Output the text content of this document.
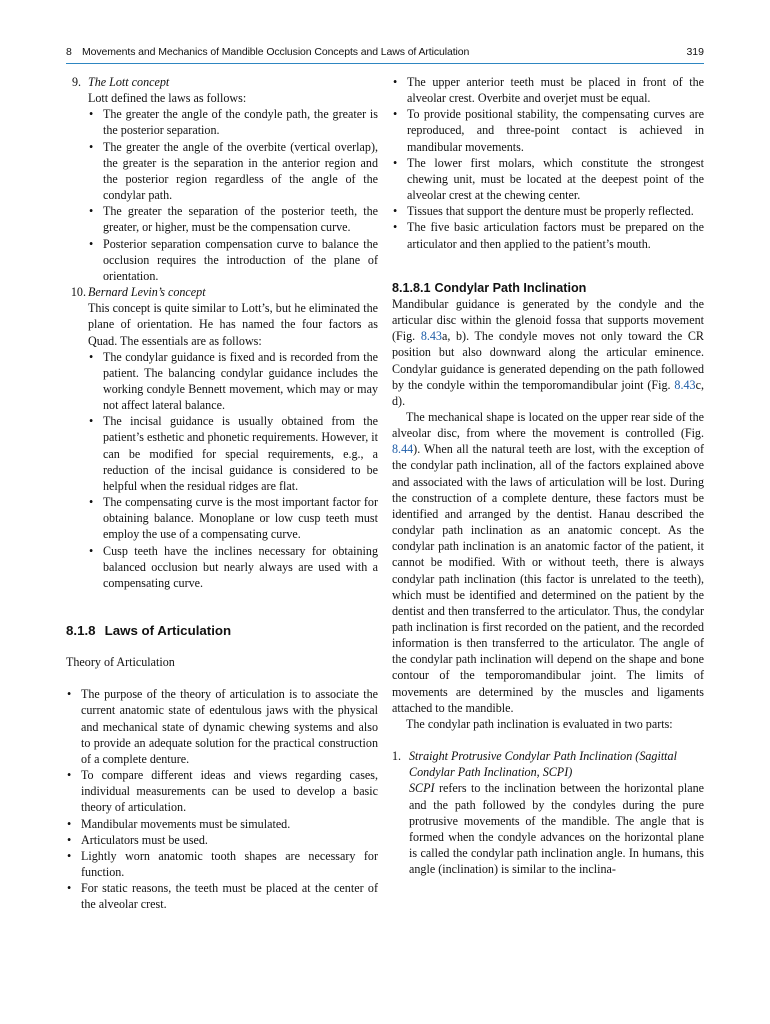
8 Movements and Mechanics of Mandible Occlusion Concepts and Laws of Articulation	319
9. The Lott concept
Lott defined the laws as follows:
• The greater the angle of the condyle path, the greater is the posterior separation.
• The greater the angle of the overbite (vertical overlap), the greater is the separation in the anterior region and the posterior region regardless of the angle of the condylar path.
• The greater the separation of the posterior teeth, the greater, or higher, must be the compensation curve.
• Posterior separation compensation curve to balance the occlusion requires the introduction of the plane of orientation.
10. Bernard Levin’s concept
This concept is quite similar to Lott’s, but he eliminated the plane of orientation. He has named the four factors as Quad. The essentials are as follows:
• The condylar guidance is fixed and is recorded from the patient. The balancing condylar guidance includes the working condyle Bennett movement, which may or may not affect lateral balance.
• The incisal guidance is usually obtained from the patient’s esthetic and phonetic requirements. However, it can be modified for special requirements, e.g., a reduction of the incisal guidance is considered to be helpful when the residual ridges are flat.
• The compensating curve is the most important factor for obtaining balance. Monoplane or low cusp teeth must employ the use of a compensating curve.
• Cusp teeth have the inclines necessary for obtaining balanced occlusion but nearly always are used with a compensating curve.
8.1.8 Laws of Articulation
Theory of Articulation
• The purpose of the theory of articulation is to associate the current anatomic state of edentulous jaws with the physical and mechanical state of dynamic chewing systems and also to provide an adequate solution for the practical construction of a complete denture.
• To compare different ideas and views regarding cases, individual measurements can be used to develop a basic theory of articulation.
• Mandibular movements must be simulated.
• Articulators must be used.
• Lightly worn anatomic tooth shapes are necessary for function.
• For static reasons, the teeth must be placed at the center of the alveolar crest.
• The upper anterior teeth must be placed in front of the alveolar crest. Overbite and overjet must be equal.
• To provide positional stability, the compensating curves are reproduced, and three-point contact is achieved in mandibular movements.
• The lower first molars, which constitute the strongest chewing unit, must be located at the deepest point of the alveolar crest at the chewing center.
• Tissues that support the denture must be properly reflected.
• The five basic articulation factors must be prepared on the articulator and then applied to the patient’s mouth.
8.1.8.1 Condylar Path Inclination
Mandibular guidance is generated by the condyle and the articular disc within the glenoid fossa that supports movement (Fig. 8.43a, b). The condyle moves not only toward the CR position but also downward along the articular eminence. Condylar guidance is generated depending on the path followed by the condyle within the temporomandibular joint (Fig. 8.43c, d).
The mechanical shape is located on the upper rear side of the alveolar disc, from where the movement is controlled (Fig. 8.44). When all the natural teeth are lost, with the exception of the condylar path inclination, all of the factors explained above and associated with the laws of articulation will be lost. During the construction of a complete denture, these factors must be identified and arranged by the dentist. Hanau described the condylar path inclination as an anatomic concept. As the condylar path inclination is an anatomic factor of the patient, it cannot be modified. With or without teeth, there is always condylar path inclination (this factor is unrelated to the teeth), which must be identified and determined on the patient by the dentist and then transferred to the articulator. Thus, the condylar path inclination is first recorded on the patient, and the recorded information is then transferred to the articulator. The angle of the condylar path inclination will depend on the shape and bone contour of the temporomandibular joint. The limits of movements are determined by the muscles and ligaments attached to the mandible.
The condylar path inclination is evaluated in two parts:
1. Straight Protrusive Condylar Path Inclination (Sagittal Condylar Path Inclination, SCPI)
SCPI refers to the inclination between the horizontal plane and the path followed by the condyles during the pure protrusive movements of the mandible. The angle that is formed when the condyle advances on the horizontal plane is called the condylar path inclination angle. In humans, this angle (inclination) is similar to the inclina-
